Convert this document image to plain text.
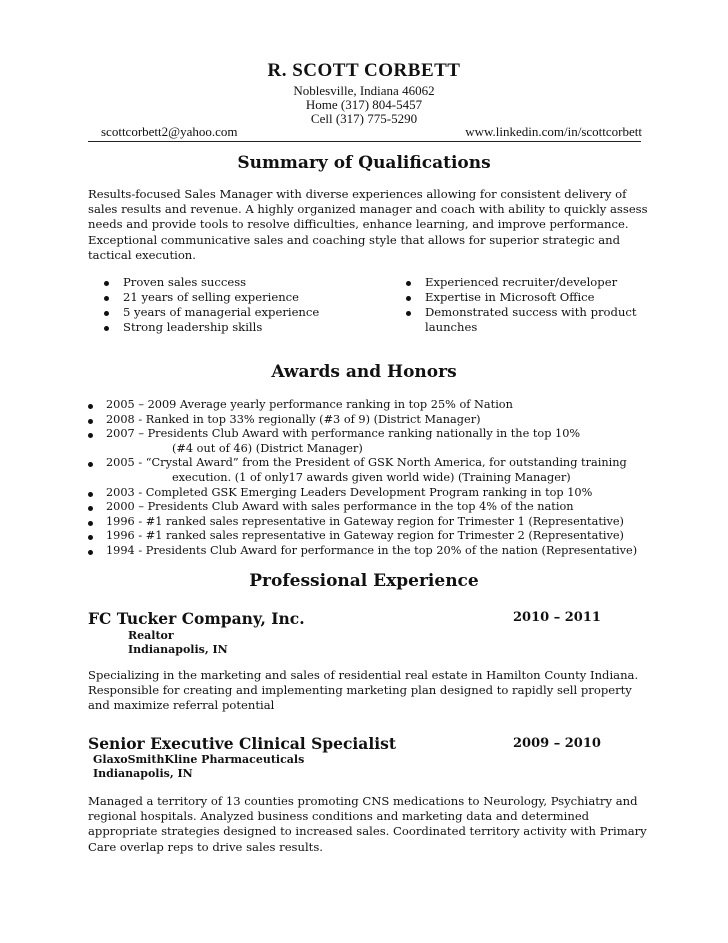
R. SCOTT CORBETT
Noblesville, Indiana 46062
Home (317) 804-5457
Cell (317) 775-5290
scottcorbett2@yahoo.com	www.linkedin.com/in/scottcorbett
Summary of Qualifications

Results-focused Sales Manager with diverse experiences allowing for consistent delivery of sales results and revenue. A highly organized manager and coach with ability to quickly assess needs and provide tools to resolve difficulties, enhance learning, and improve performance. Exceptional communicative sales and coaching style that allows for superior strategic and tactical execution.

Proven sales success
21 years of selling experience
5 years of managerial experience
Strong leadership skills
Experienced recruiter/developer
Expertise in Microsoft Office
Demonstrated success with product launches
Awards and Honors
2005 – 2009 Average yearly performance ranking in top 25% of Nation
2008 - Ranked in top 33% regionally (#3 of 9) (District Manager)
2007 – Presidents Club Award with performance ranking nationally in the top 10%
(#4 out of 46) (District Manager)
2005 - “Crystal Award” from the President of GSK North America, for outstanding training
execution. (1 of only17 awards given world wide) (Training Manager)
2003 - Completed GSK Emerging Leaders Development Program ranking in top 10%
2000 – Presidents Club Award with sales performance in the top 4% of the nation
1996 - #1 ranked sales representative in Gateway region for Trimester 1 (Representative)
1996 - #1 ranked sales representative in Gateway region for Trimester 2 (Representative)
1994 - Presidents Club Award for performance in the top 20% of the nation (Representative)
Professional Experience
FC Tucker Company, Inc.	2010 – 2011
Realtor
Indianapolis, IN

Specializing in the marketing and sales of residential real estate in Hamilton County Indiana. Responsible for creating and implementing marketing plan designed to rapidly sell property and maximize referral potential

Senior Executive Clinical Specialist	2009 – 2010
GlaxoSmithKline Pharmaceuticals
Indianapolis, IN

Managed a territory of 13 counties promoting CNS medications to Neurology, Psychiatry and regional hospitals. Analyzed business conditions and marketing data and determined appropriate strategies designed to increased sales. Coordinated territory activity with Primary Care overlap reps to drive sales results.
